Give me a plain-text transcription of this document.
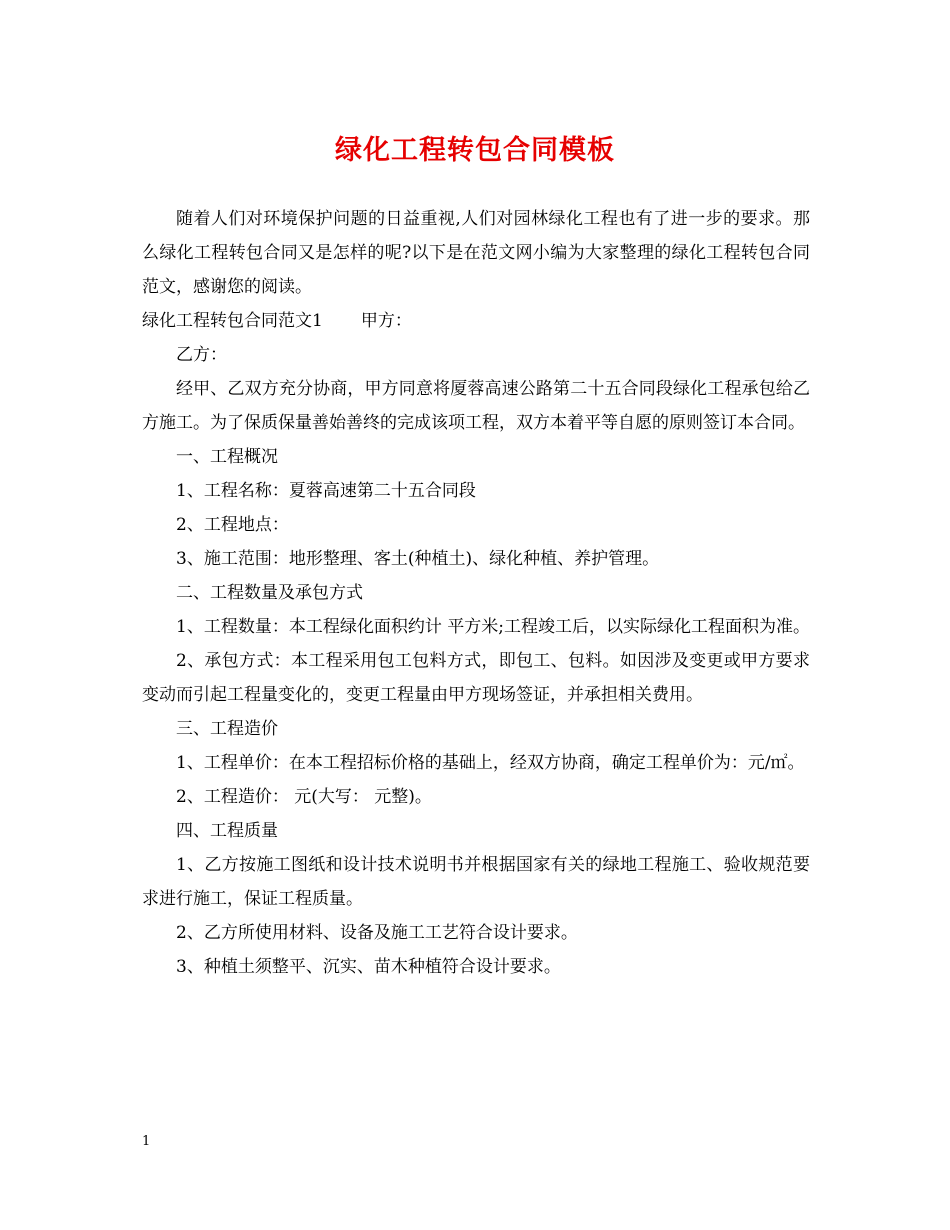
绿化工程转包合同模板

随着人们对环境保护问题的日益重视,人们对园林绿化工程也有了进一步的要求。那么绿化工程转包合同又是怎样的呢?以下是在范文网小编为大家整理的绿化工程转包合同范文，感谢您的阅读。

绿化工程转包合同范文1 甲方：

乙方：

经甲、乙双方充分协商，甲方同意将厦蓉高速公路第二十五合同段绿化工程承包给乙方施工。为了保质保量善始善终的完成该项工程，双方本着平等自愿的原则签订本合同。

一、工程概况

1、工程名称：夏蓉高速第二十五合同段

2、工程地点：

3、施工范围：地形整理、客土(种植土)、绿化种植、养护管理。

二、工程数量及承包方式

1、工程数量：本工程绿化面积约计 平方米;工程竣工后，以实际绿化工程面积为准。

2、承包方式：本工程采用包工包料方式，即包工、包料。如因涉及变更或甲方要求变动而引起工程量变化的，变更工程量由甲方现场签证，并承担相关费用。

三、工程造价

1、工程单价：在本工程招标价格的基础上，经双方协商，确定工程单价为：元/㎡。

2、工程造价： 元(大写： 元整)。

四、工程质量

1、乙方按施工图纸和设计技术说明书并根据国家有关的绿地工程施工、验收规范要求进行施工，保证工程质量。

2、乙方所使用材料、设备及施工工艺符合设计要求。

3、种植土须整平、沉实、苗木种植符合设计要求。

1
